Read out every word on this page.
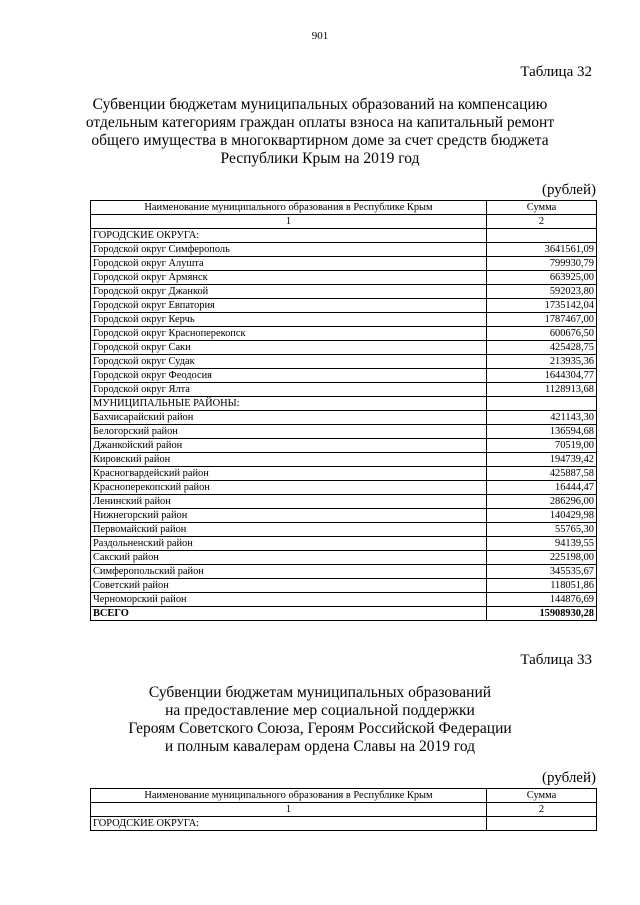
901
Таблица 32
Субвенции бюджетам муниципальных образований на компенсацию
отдельным категориям граждан оплаты взноса на капитальный ремонт
общего имущества в многоквартирном доме за счет средств бюджета
Республики Крым на 2019 год
(рублей)
Наименование муниципального образования в Республике Крым	Сумма
1	2
ГОРОДСКИЕ ОКРУГА:	
Городской округ Симферополь	3641561,09
Городской округ Алушта	799930,79
Городской округ Армянск	663925,00
Городской округ Джанкой	592023,80
Городской округ Евпатория	1735142,04
Городской округ Керчь	1787467,00
Городской округ Красноперекопск	600676,50
Городской округ Саки	425428,75
Городской округ Судак	213935,36
Городской округ Феодосия	1644304,77
Городской округ Ялта	1128913,68
МУНИЦИПАЛЬНЫЕ РАЙОНЫ:	
Бахчисарайский район	421143,30
Белогорский район	136594,68
Джанкойский район	70519,00
Кировский район	194739,42
Красногвардейский район	425887,58
Красноперекопский район	16444,47
Ленинский район	286296,00
Нижнегорский район	140429,98
Первомайский район	55765,30
Раздольненский район	94139,55
Сакский район	225198,00
Симферопольский район	345535,67
Советский район	118051,86
Черноморский район	144876,69
ВСЕГО	15908930,28
Таблица 33
Субвенции бюджетам муниципальных образований
на предоставление мер социальной поддержки
Героям Советского Союза, Героям Российской Федерации
и полным кавалерам ордена Славы на 2019 год
(рублей)
Наименование муниципального образования в Республике Крым	Сумма
1	2
ГОРОДСКИЕ ОКРУГА:	
